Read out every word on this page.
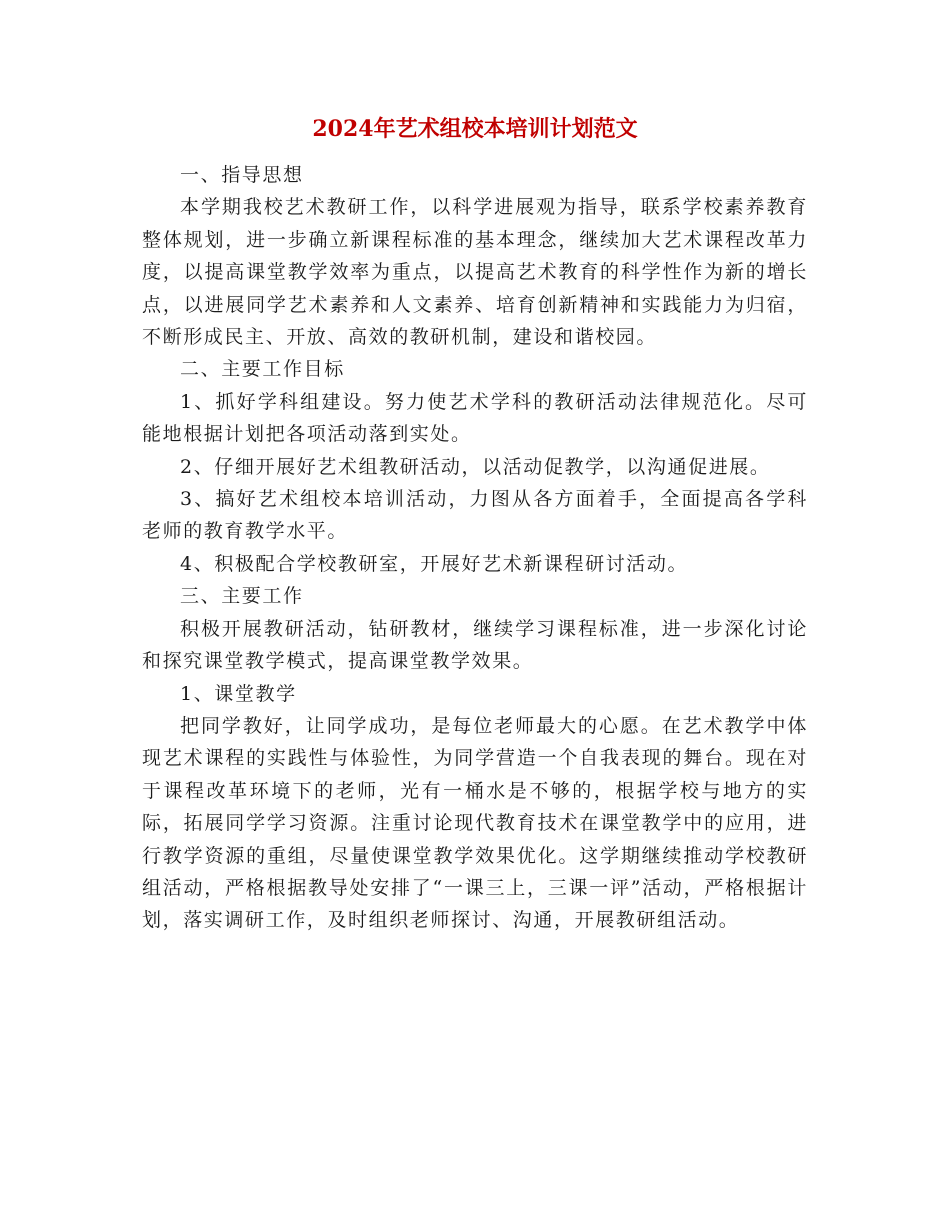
2024年艺术组校本培训计划范文

一、指导思想

本学期我校艺术教研工作，以科学进展观为指导，联系学校素养教育整体规划，进一步确立新课程标准的基本理念，继续加大艺术课程改革力度，以提高课堂教学效率为重点，以提高艺术教育的科学性作为新的增长点，以进展同学艺术素养和人文素养、培育创新精神和实践能力为归宿，不断形成民主、开放、高效的教研机制，建设和谐校园。

二、主要工作目标

1、抓好学科组建设。努力使艺术学科的教研活动法律规范化。尽可能地根据计划把各项活动落到实处。

2、仔细开展好艺术组教研活动，以活动促教学，以沟通促进展。

3、搞好艺术组校本培训活动，力图从各方面着手，全面提高各学科老师的教育教学水平。

4、积极配合学校教研室，开展好艺术新课程研讨活动。

三、主要工作

积极开展教研活动，钻研教材，继续学习课程标准，进一步深化讨论和探究课堂教学模式，提高课堂教学效果。

1、课堂教学

把同学教好，让同学成功，是每位老师最大的心愿。在艺术教学中体现艺术课程的实践性与体验性，为同学营造一个自我表现的舞台。现在对于课程改革环境下的老师，光有一桶水是不够的，根据学校与地方的实际，拓展同学学习资源。注重讨论现代教育技术在课堂教学中的应用，进行教学资源的重组，尽量使课堂教学效果优化。这学期继续推动学校教研组活动，严格根据教导处安排了“一课三上，三课一评”活动，严格根据计划，落实调研工作，及时组织老师探讨、沟通，开展教研组活动。
